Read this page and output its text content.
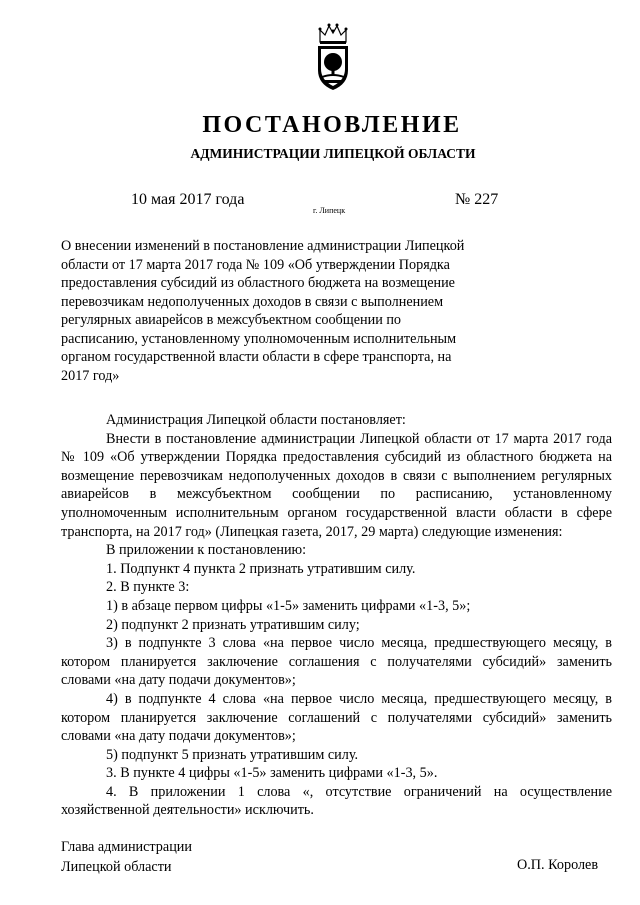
ПОСТАНОВЛЕНИЕ
АДМИНИСТРАЦИИ ЛИПЕЦКОЙ ОБЛАСТИ
10 мая 2017 года
г. Липецк
№ 227
О внесении изменений в постановление администрации Липецкой области от 17 марта 2017 года № 109 «Об утверждении Порядка предоставления субсидий из областного бюджета на возмещение перевозчикам недополученных доходов в связи с выполнением регулярных авиарейсов в межсубъектном сообщении по расписанию, установленному уполномоченным исполнительным органом государственной власти области в сфере транспорта, на 2017 год»

Администрация Липецкой области постановляет:

Внести в постановление администрации Липецкой области от 17 марта 2017 года № 109 «Об утверждении Порядка предоставления субсидий из областного бюджета на возмещение перевозчикам недополученных доходов в связи с выполнением регулярных авиарейсов в межсубъектном сообщении по расписанию, установленному уполномоченным исполнительным органом государственной власти области в сфере транспорта, на 2017 год» (Липецкая газета, 2017, 29 марта) следующие изменения:

В приложении к постановлению:

1. Подпункт 4 пункта 2 признать утратившим силу.

2. В пункте 3:

1) в абзаце первом цифры «1-5» заменить цифрами «1-3, 5»;

2) подпункт 2 признать утратившим силу;

3) в подпункте 3 слова «на первое число месяца, предшествующего месяцу, в котором планируется заключение соглашения с получателями субсидий» заменить словами «на дату подачи документов»;

4) в подпункте 4 слова «на первое число месяца, предшествующего месяцу, в котором планируется заключение соглашений с получателями субсидий» заменить словами «на дату подачи документов»;

5) подпункт 5 признать утратившим силу.

3. В пункте 4 цифры «1-5» заменить цифрами «1-3, 5».

4. В приложении 1 слова «, отсутствие ограничений на осуществление хозяйственной деятельности» исключить.

Глава администрации
Липецкой области	О.П. Королев
